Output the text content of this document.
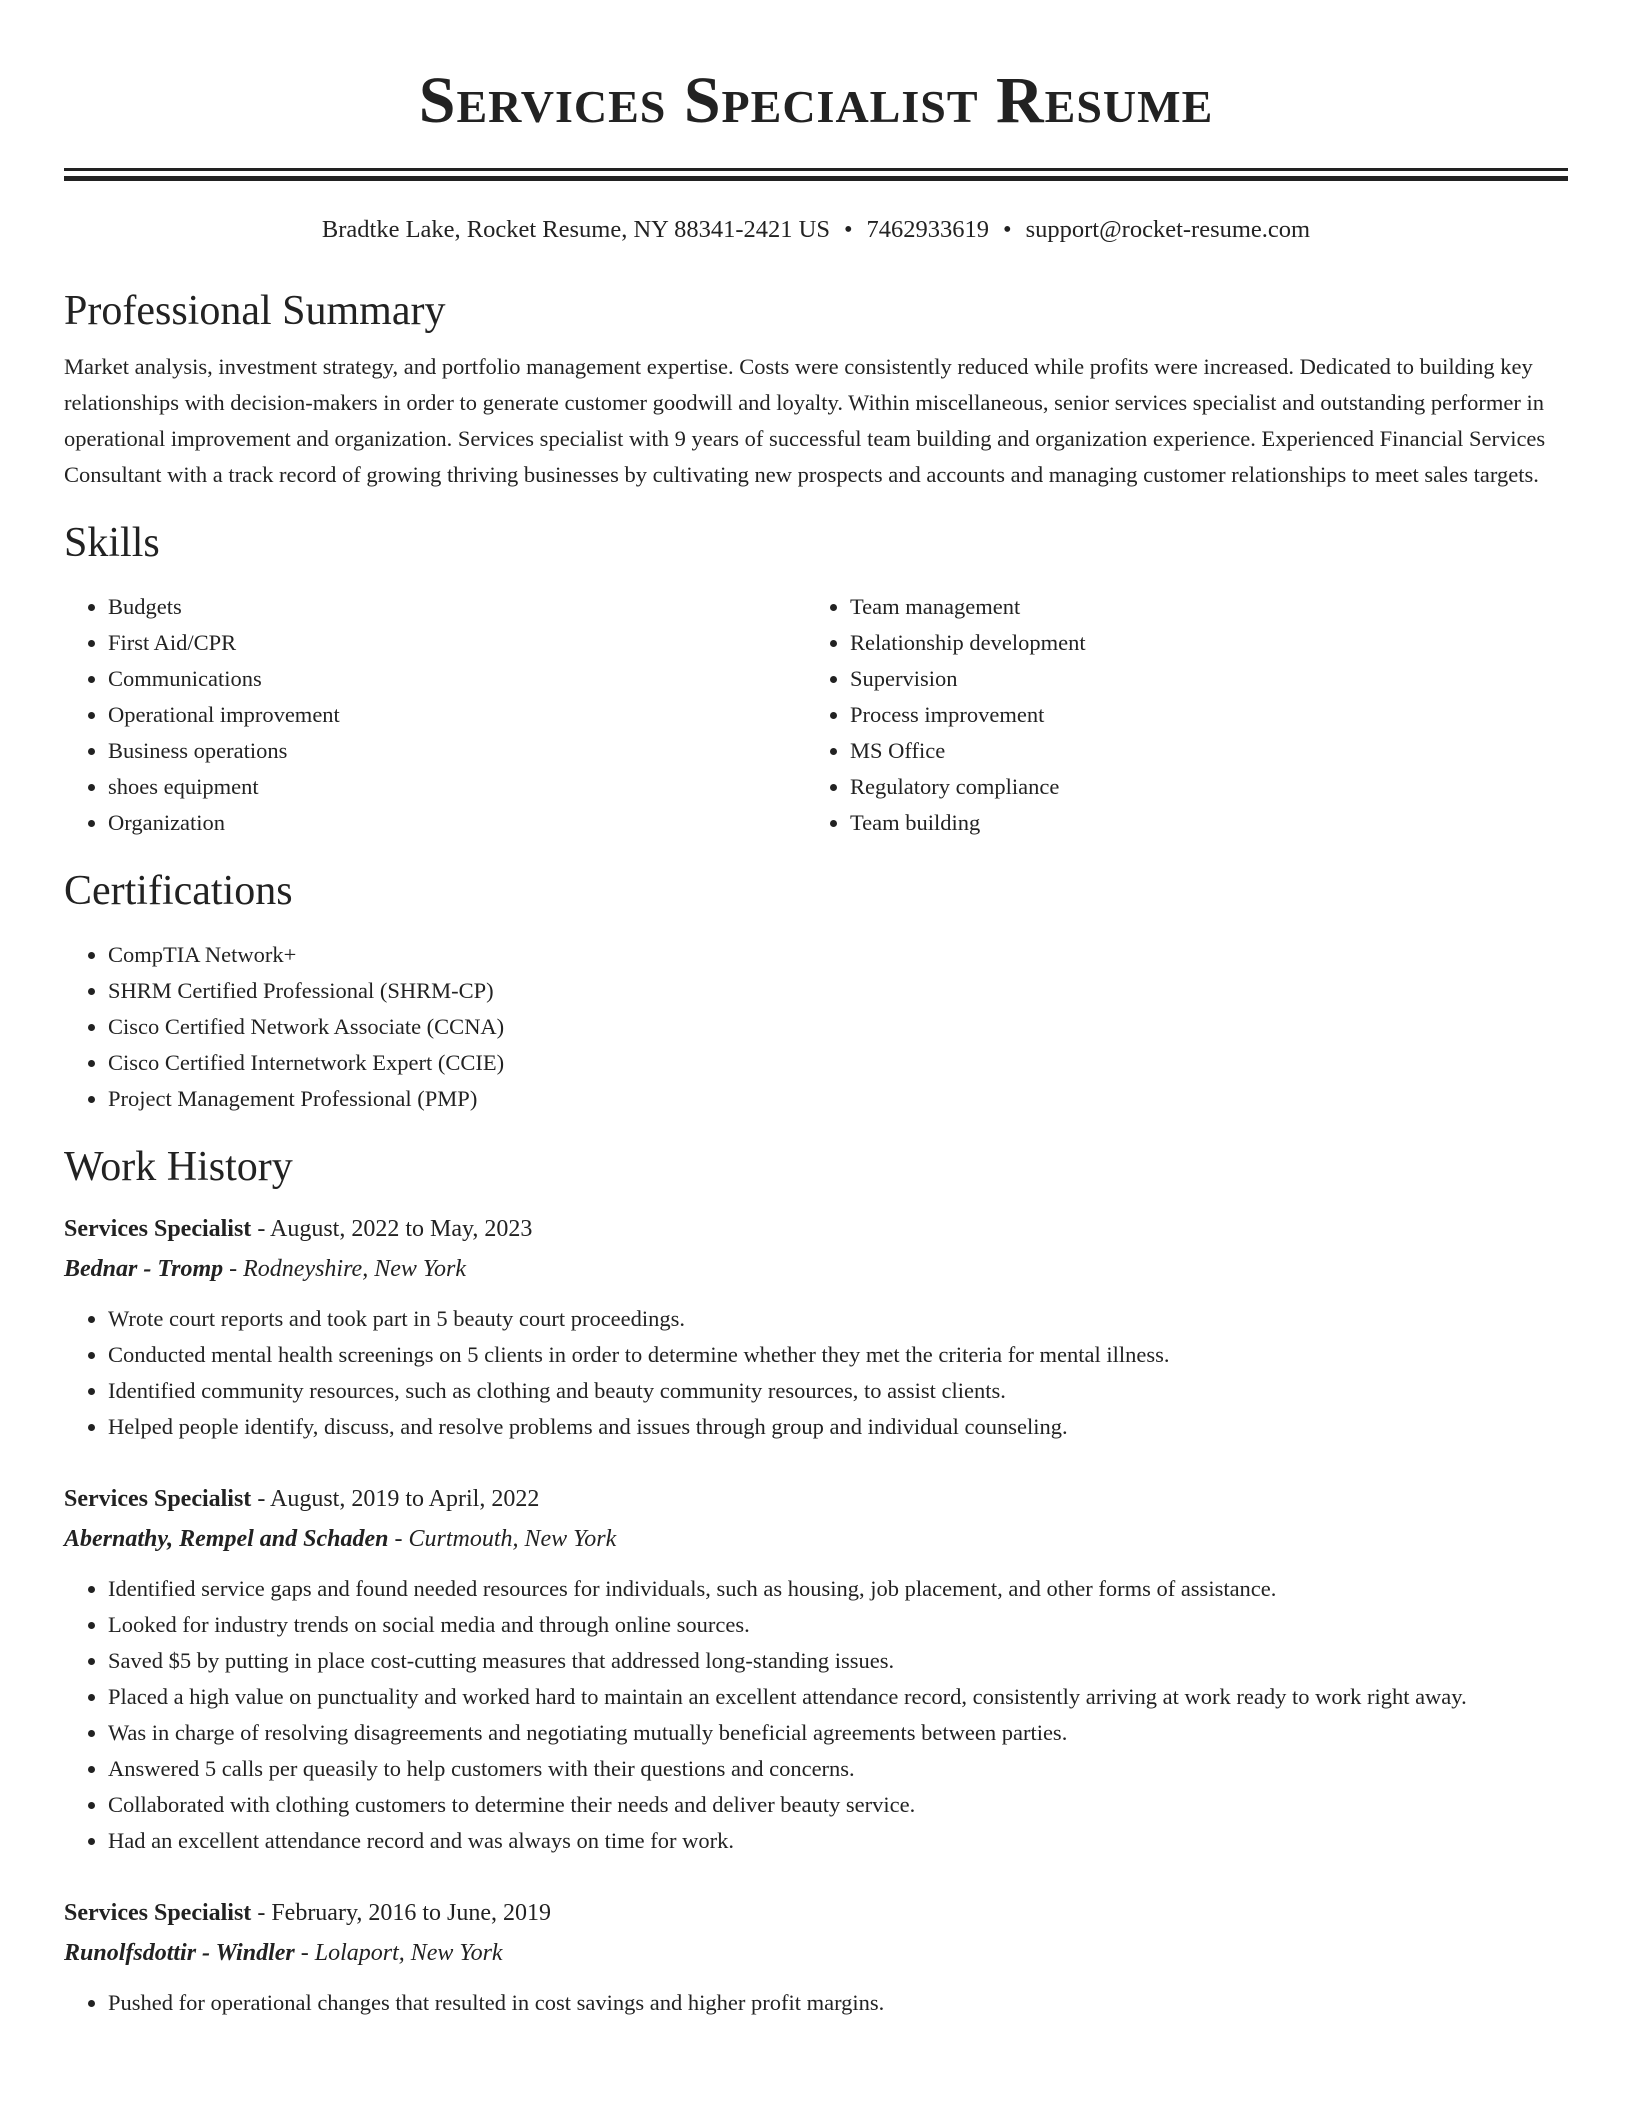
Services Specialist Resume
Bradtke Lake, Rocket Resume, NY 88341-2421 US • 7462933619 • support@rocket-resume.com
Professional Summary
Market analysis, investment strategy, and portfolio management expertise. Costs were consistently reduced while profits were increased. Dedicated to building key relationships with decision-makers in order to generate customer goodwill and loyalty. Within miscellaneous, senior services specialist and outstanding performer in operational improvement and organization. Services specialist with 9 years of successful team building and organization experience. Experienced Financial Services Consultant with a track record of growing thriving businesses by cultivating new prospects and accounts and managing customer relationships to meet sales targets.
Skills
• Budgets
• First Aid/CPR
• Communications
• Operational improvement
• Business operations
• shoes equipment
• Organization
• Team management
• Relationship development
• Supervision
• Process improvement
• MS Office
• Regulatory compliance
• Team building
Certifications
• CompTIA Network+
• SHRM Certified Professional (SHRM-CP)
• Cisco Certified Network Associate (CCNA)
• Cisco Certified Internetwork Expert (CCIE)
• Project Management Professional (PMP)
Work History
Services Specialist - August, 2022 to May, 2023
Bednar - Tromp - Rodneyshire, New York
• Wrote court reports and took part in 5 beauty court proceedings.
• Conducted mental health screenings on 5 clients in order to determine whether they met the criteria for mental illness.
• Identified community resources, such as clothing and beauty community resources, to assist clients.
• Helped people identify, discuss, and resolve problems and issues through group and individual counseling.
Services Specialist - August, 2019 to April, 2022
Abernathy, Rempel and Schaden - Curtmouth, New York
• Identified service gaps and found needed resources for individuals, such as housing, job placement, and other forms of assistance.
• Looked for industry trends on social media and through online sources.
• Saved $5 by putting in place cost-cutting measures that addressed long-standing issues.
• Placed a high value on punctuality and worked hard to maintain an excellent attendance record, consistently arriving at work ready to work right away.
• Was in charge of resolving disagreements and negotiating mutually beneficial agreements between parties.
• Answered 5 calls per queasily to help customers with their questions and concerns.
• Collaborated with clothing customers to determine their needs and deliver beauty service.
• Had an excellent attendance record and was always on time for work.
Services Specialist - February, 2016 to June, 2019
Runolfsdottir - Windler - Lolaport, New York
• Pushed for operational changes that resulted in cost savings and higher profit margins.
